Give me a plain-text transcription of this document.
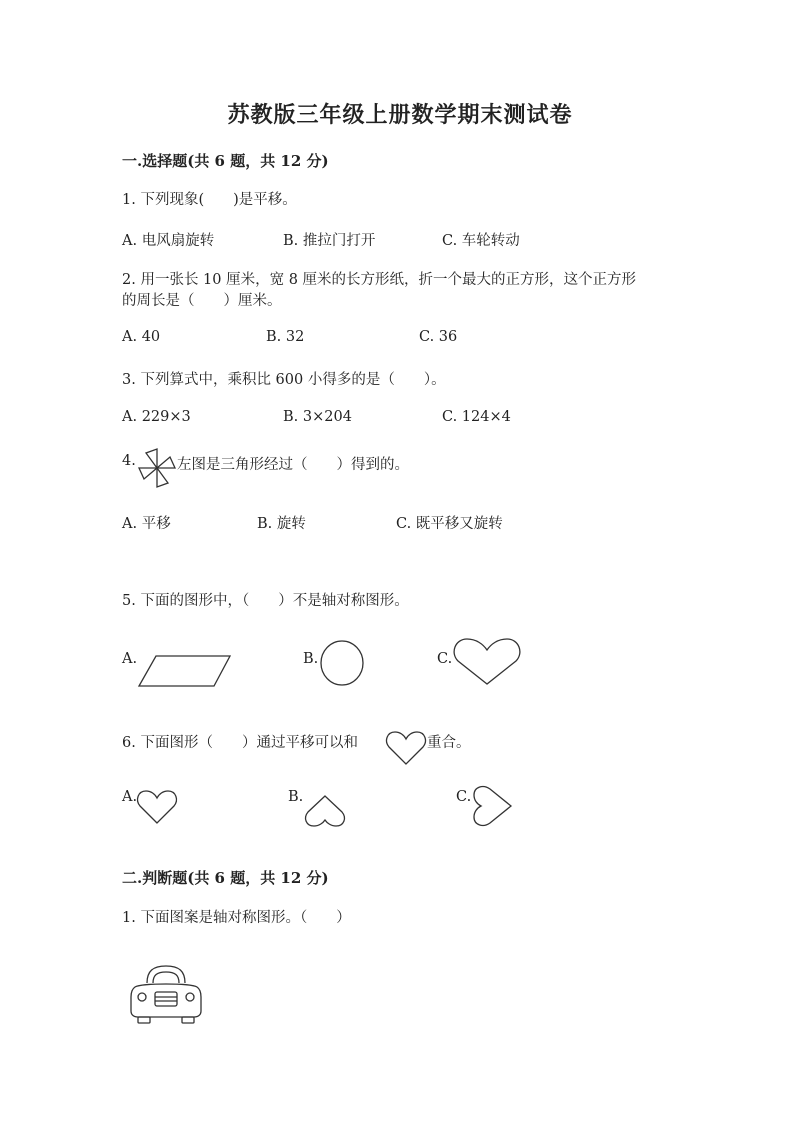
苏教版三年级上册数学期末测试卷
一.选择题(共 6 题，共 12 分)
1. 下列现象(　　)是平移。
A. 电风扇旋转	B. 推拉门打开	C. 车轮转动
2. 用一张长 10 厘米，宽 8 厘米的长方形纸，折一个最大的正方形，这个正方形
的周长是（　　）厘米。
A. 40	B. 32	C. 36
3. 下列算式中，乘积比 600 小得多的是（　　）。
A. 229×3	B. 3×204	C. 124×4
4.	左图是三角形经过（　　）得到的。
A. 平移	B. 旋转	C. 既平移又旋转
5. 下面的图形中，（　　）不是轴对称图形。
A.	B.	C.
6. 下面图形（　　）通过平移可以和	重合。
A.	B.	C.
二.判断题(共 6 题，共 12 分)
1. 下面图案是轴对称图形。（　　）
